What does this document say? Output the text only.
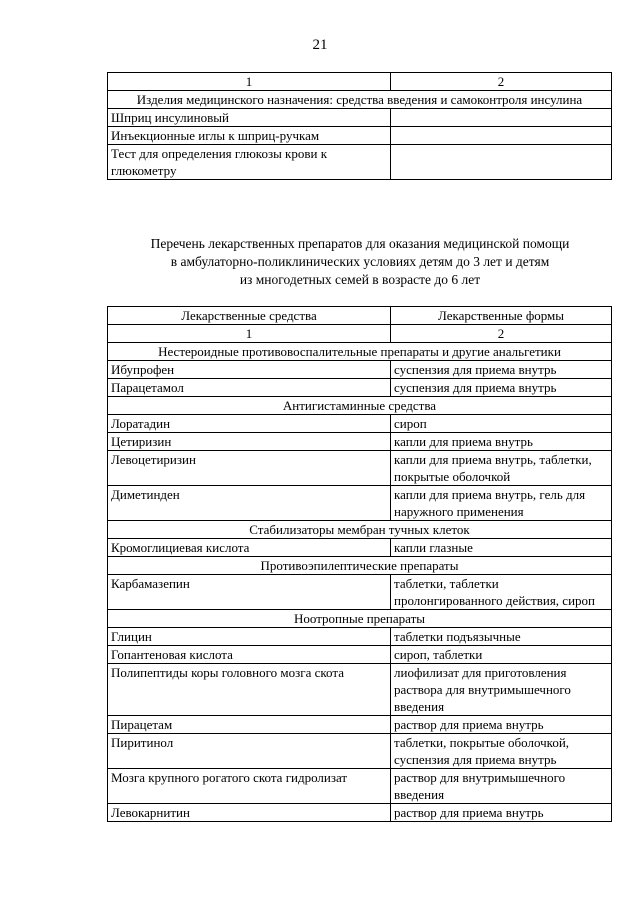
21
1	2
Изделия медицинского назначения: средства введения и самоконтроля инсулина	
Шприц инсулиновый	
Инъекционные иглы к шприц-ручкам	
Тест для определения глюкозы крови к глюкометру	
Перечень лекарственных препаратов для оказания медицинской помощи
в амбулаторно-поликлинических условиях детям до 3 лет и детям
из многодетных семей в возрасте до 6 лет
Лекарственные средства	Лекарственные формы
1	2
Нестероидные противовоспалительные препараты и другие анальгетики	
Ибупрофен	суспензия для приема внутрь
Парацетамол	суспензия для приема внутрь
Антигистаминные средства	
Лоратадин	сироп
Цетиризин	капли для приема внутрь
Левоцетиризин	капли для приема внутрь, таблетки, покрытые оболочкой
Диметинден	капли для приема внутрь, гель для наружного применения
Стабилизаторы мембран тучных клеток	
Кромоглициевая кислота	капли глазные
Противоэпилептические препараты	
Карбамазепин	таблетки, таблетки пролонгированного действия, сироп
Ноотропные препараты	
Глицин	таблетки подъязычные
Гопантеновая кислота	сироп, таблетки
Полипептиды коры головного мозга скота	лиофилизат для приготовления раствора для внутримышечного введения
Пирацетам	раствор для приема внутрь
Пиритинол	таблетки, покрытые оболочкой, суспензия для приема внутрь
Мозга крупного рогатого скота гидролизат	раствор для внутримышечного введения
Левокарнитин	раствор для приема внутрь
